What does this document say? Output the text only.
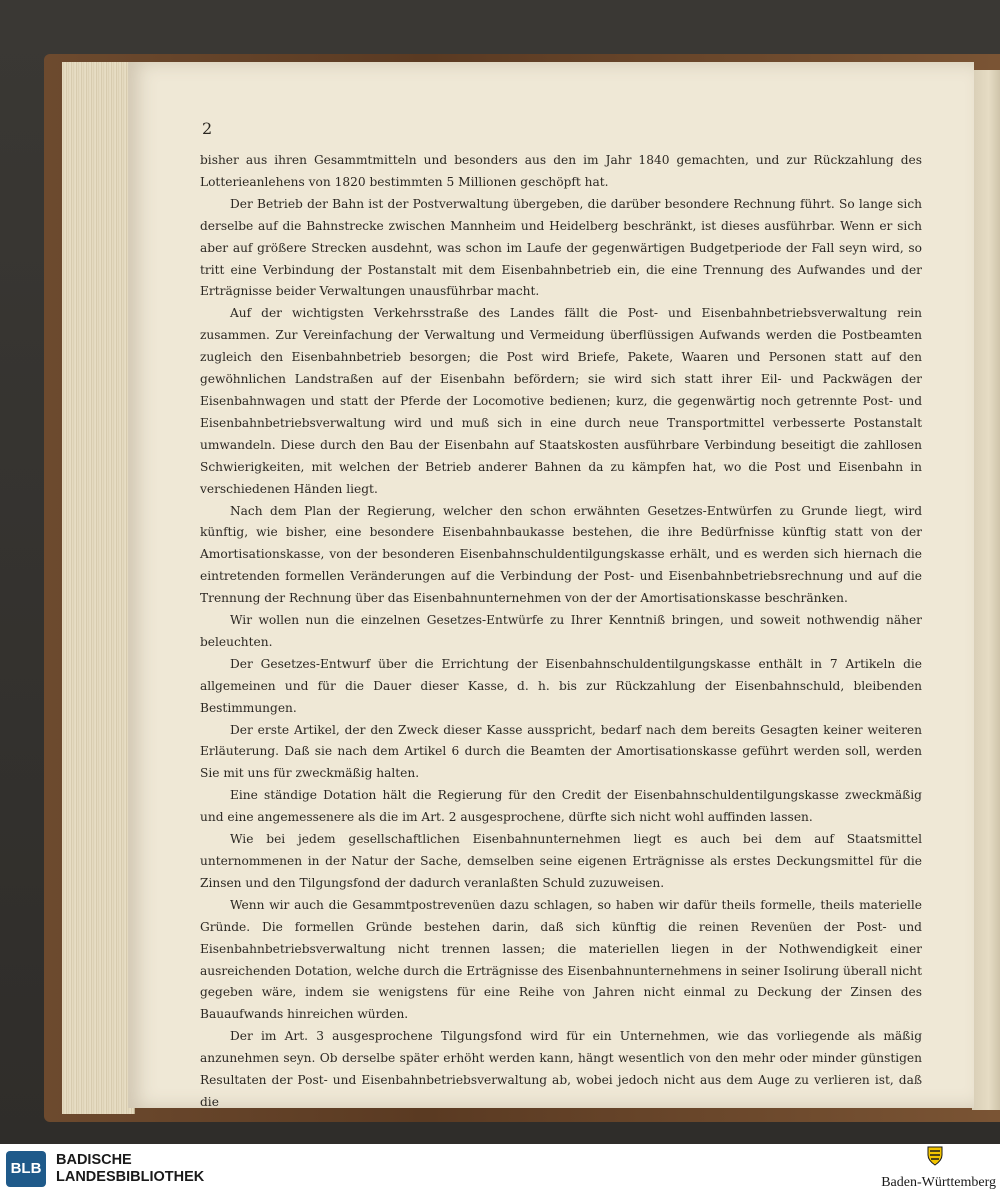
2

bisher aus ihren Gesammtmitteln und besonders aus den im Jahr 1840 gemachten, und zur Rückzahlung des Lotterieanlehens von 1820 bestimmten 5 Millionen geschöpft hat.

Der Betrieb der Bahn ist der Postverwaltung übergeben, die darüber besondere Rechnung führt. So lange sich derselbe auf die Bahnstrecke zwischen Mannheim und Heidelberg beschränkt, ist dieses ausführbar. Wenn er sich aber auf größere Strecken ausdehnt, was schon im Laufe der gegenwärtigen Budgetperiode der Fall seyn wird, so tritt eine Verbindung der Postanstalt mit dem Eisenbahnbetrieb ein, die eine Trennung des Aufwandes und der Erträgnisse beider Verwaltungen unausführbar macht.

Auf der wichtigsten Verkehrsstraße des Landes fällt die Post- und Eisenbahnbetriebsverwaltung rein zusammen. Zur Vereinfachung der Verwaltung und Vermeidung überflüssigen Aufwands werden die Postbeamten zugleich den Eisenbahnbetrieb besorgen; die Post wird Briefe, Pakete, Waaren und Personen statt auf den gewöhnlichen Landstraßen auf der Eisenbahn befördern; sie wird sich statt ihrer Eil- und Packwägen der Eisenbahnwagen und statt der Pferde der Locomotive bedienen; kurz, die gegenwärtig noch getrennte Post- und Eisenbahnbetriebsverwaltung wird und muß sich in eine durch neue Transportmittel verbesserte Postanstalt umwandeln. Diese durch den Bau der Eisenbahn auf Staatskosten ausführbare Verbindung beseitigt die zahllosen Schwierigkeiten, mit welchen der Betrieb anderer Bahnen da zu kämpfen hat, wo die Post und Eisenbahn in verschiedenen Händen liegt.

Nach dem Plan der Regierung, welcher den schon erwähnten Gesetzes-Entwürfen zu Grunde liegt, wird künftig, wie bisher, eine besondere Eisenbahnbaukasse bestehen, die ihre Bedürfnisse künftig statt von der Amortisationskasse, von der besonderen Eisenbahnschuldentilgungskasse erhält, und es werden sich hiernach die eintretenden formellen Veränderungen auf die Verbindung der Post- und Eisenbahnbetriebsrechnung und auf die Trennung der Rechnung über das Eisenbahnunternehmen von der der Amortisationskasse beschränken.

Wir wollen nun die einzelnen Gesetzes-Entwürfe zu Ihrer Kenntniß bringen, und soweit nothwendig näher beleuchten.

Der Gesetzes-Entwurf über die Errichtung der Eisenbahnschuldentilgungskasse enthält in 7 Artikeln die allgemeinen und für die Dauer dieser Kasse, d. h. bis zur Rückzahlung der Eisenbahnschuld, bleibenden Bestimmungen.

Der erste Artikel, der den Zweck dieser Kasse ausspricht, bedarf nach dem bereits Gesagten keiner weiteren Erläuterung. Daß sie nach dem Artikel 6 durch die Beamten der Amortisationskasse geführt werden soll, werden Sie mit uns für zweckmäßig halten.

Eine ständige Dotation hält die Regierung für den Credit der Eisenbahnschuldentilgungskasse zweckmäßig und eine angemessenere als die im Art. 2 ausgesprochene, dürfte sich nicht wohl auffinden lassen.

Wie bei jedem gesellschaftlichen Eisenbahnunternehmen liegt es auch bei dem auf Staatsmittel unternommenen in der Natur der Sache, demselben seine eigenen Erträgnisse als erstes Deckungsmittel für die Zinsen und den Tilgungsfond der dadurch veranlaßten Schuld zuzuweisen.

Wenn wir auch die Gesammtpostrevenüen dazu schlagen, so haben wir dafür theils formelle, theils materielle Gründe. Die formellen Gründe bestehen darin, daß sich künftig die reinen Revenüen der Post- und Eisenbahnbetriebsverwaltung nicht trennen lassen; die materiellen liegen in der Nothwendigkeit einer ausreichenden Dotation, welche durch die Erträgnisse des Eisenbahnunternehmens in seiner Isolirung überall nicht gegeben wäre, indem sie wenigstens für eine Reihe von Jahren nicht einmal zu Deckung der Zinsen des Bauaufwands hinreichen würden.

Der im Art. 3 ausgesprochene Tilgungsfond wird für ein Unternehmen, wie das vorliegende als mäßig anzunehmen seyn. Ob derselbe später erhöht werden kann, hängt wesentlich von den mehr oder minder günstigen Resultaten der Post- und Eisenbahnbetriebsverwaltung ab, wobei jedoch nicht aus dem Auge zu verlieren ist, daß die

BLB	BADISCHE
LANDESBIBLIOTHEK	Baden-Württemberg
